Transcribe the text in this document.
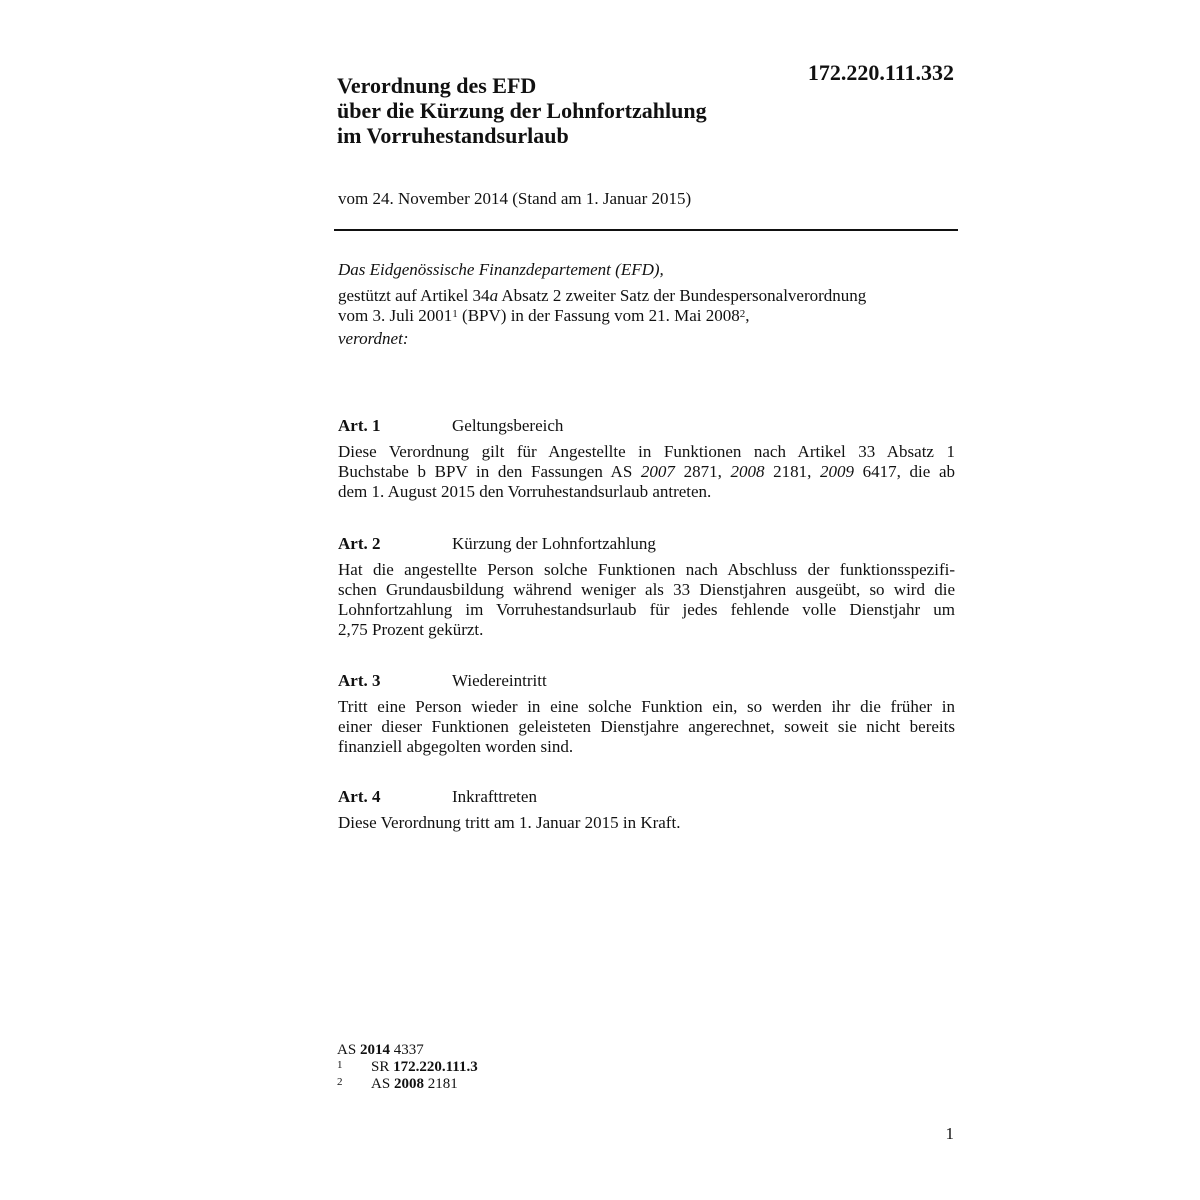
172.220.111.332
Verordnung des EFD
über die Kürzung der Lohnfortzahlung
im Vorruhestandsurlaub
vom 24. November 2014 (Stand am 1. Januar 2015)
Das Eidgenössische Finanzdepartement (EFD),
gestützt auf Artikel 34a Absatz 2 zweiter Satz der Bundespersonalverordnung
vom 3. Juli 2001$^1$ (BPV) in der Fassung vom 21. Mai 2008$^2$,
verordnet:
Art. 1	Geltungsbereich
Diese Verordnung gilt für Angestellte in Funktionen nach Artikel 33 Absatz 1
Buchstabe b BPV in den Fassungen AS 2007 2871, 2008 2181, 2009 6417, die ab
dem 1. August 2015 den Vorruhestandsurlaub antreten.
Art. 2	Kürzung der Lohnfortzahlung
Hat die angestellte Person solche Funktionen nach Abschluss der funktionsspezifi-
schen Grundausbildung während weniger als 33 Dienstjahren ausgeübt, so wird die
Lohnfortzahlung im Vorruhestandsurlaub für jedes fehlende volle Dienstjahr um
2,75 Prozent gekürzt.
Art. 3	Wiedereintritt
Tritt eine Person wieder in eine solche Funktion ein, so werden ihr die früher in
einer dieser Funktionen geleisteten Dienstjahre angerechnet, soweit sie nicht bereits
finanziell abgegolten worden sind.
Art. 4	Inkrafttreten
Diese Verordnung tritt am 1. Januar 2015 in Kraft.
AS 2014 4337
1	SR 172.220.111.3
2	AS 2008 2181
1
